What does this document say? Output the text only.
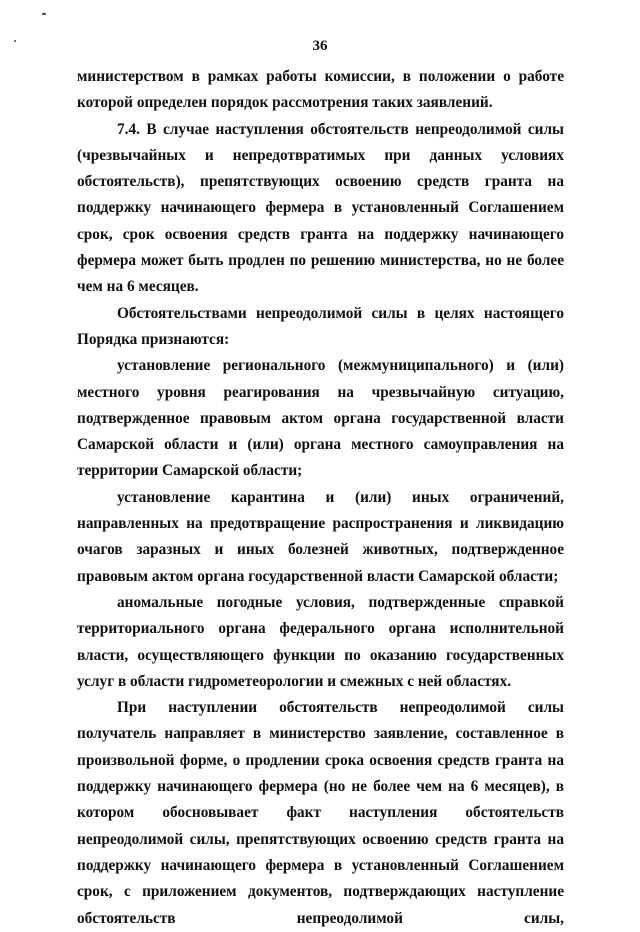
36

министерством в рамках работы комиссии, в положении о работе которой определен порядок рассмотрения таких заявлений.

7.4. В случае наступления обстоятельств непреодолимой силы (чрезвычайных и непредотвратимых при данных условиях обстоятельств), препятствующих освоению средств гранта на поддержку начинающего фермера в установленный Соглашением срок, срок освоения средств гранта на поддержку начинающего фермера может быть продлен по решению министерства, но не более чем на 6 месяцев.

Обстоятельствами непреодолимой силы в целях настоящего Порядка признаются:

установление регионального (межмуниципального) и (или) местного уровня реагирования на чрезвычайную ситуацию, подтвержденное правовым актом органа государственной власти Самарской области и (или) органа местного самоуправления на территории Самарской области;

установление карантина и (или) иных ограничений, направленных на предотвращение распространения и ликвидацию очагов заразных и иных болезней животных, подтвержденное правовым актом органа государственной власти Самарской области;

аномальные погодные условия, подтвержденные справкой территориального органа федерального органа исполнительной власти, осуществляющего функции по оказанию государственных услуг в области гидрометеорологии и смежных с ней областях.

При наступлении обстоятельств непреодолимой силы получатель направляет в министерство заявление, составленное в произвольной форме, о продлении срока освоения средств гранта на поддержку начинающего фермера (но не более чем на 6 месяцев), в котором обосновывает факт наступления обстоятельств непреодолимой силы, препятствующих освоению средств гранта на поддержку начинающего фермера в установленный Соглашением срок, с приложением документов, подтверждающих наступление обстоятельств непреодолимой силы,
